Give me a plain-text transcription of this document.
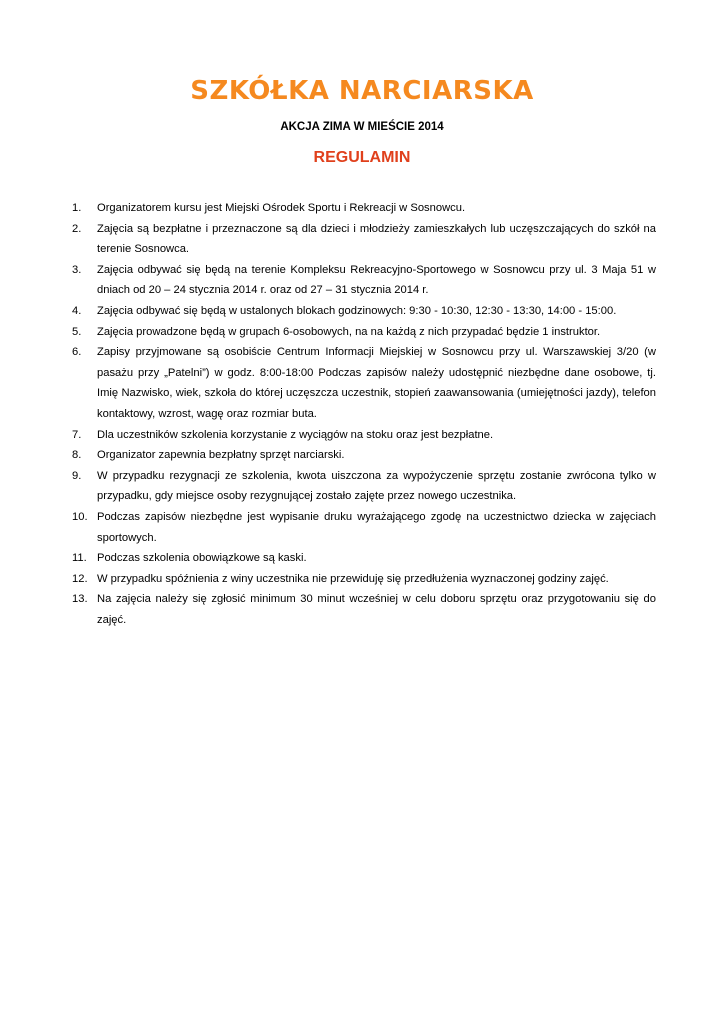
SZKÓŁKA NARCIARSKA
AKCJA ZIMA W MIEŚCIE 2014
REGULAMIN
1.	Organizatorem kursu jest Miejski Ośrodek Sportu i Rekreacji w Sosnowcu.
2.	Zajęcia są bezpłatne i przeznaczone są dla dzieci i młodzieży zamieszkałych lub uczęszczających do szkół na terenie Sosnowca.
3.	Zajęcia odbywać się będą na terenie Kompleksu Rekreacyjno-Sportowego w Sosnowcu przy ul. 3 Maja 51 w dniach od 20 – 24 stycznia 2014 r. oraz od 27 – 31 stycznia 2014 r.
4.	Zajęcia odbywać się będą w ustalonych blokach godzinowych: 9:30 - 10:30, 12:30 - 13:30, 14:00 - 15:00.
5.	Zajęcia prowadzone będą w grupach 6-osobowych, na na każdą z nich przypadać będzie 1 instruktor.
6.	Zapisy przyjmowane są osobiście Centrum Informacji Miejskiej w Sosnowcu przy ul. Warszawskiej 3/20 (w pasażu przy „Patelni”) w godz. 8:00-18:00 Podczas zapisów należy udostępnić niezbędne dane osobowe, tj. Imię Nazwisko, wiek, szkoła do której uczęszcza uczestnik, stopień zaawansowania (umiejętności jazdy), telefon kontaktowy, wzrost, wagę oraz rozmiar buta.
7.	Dla uczestników szkolenia korzystanie z wyciągów na stoku oraz jest bezpłatne.
8.	Organizator zapewnia bezpłatny sprzęt narciarski.
9.	W przypadku rezygnacji ze szkolenia, kwota uiszczona za wypożyczenie sprzętu zostanie zwrócona tylko w przypadku, gdy miejsce osoby rezygnującej zostało zajęte przez nowego uczestnika.
10. Podczas zapisów niezbędne jest wypisanie druku wyrażającego zgodę na uczestnictwo dziecka w zajęciach sportowych.
11. Podczas szkolenia obowiązkowe są kaski.
12. W przypadku spóźnienia z winy uczestnika nie przewiduję się przedłużenia wyznaczonej godziny zajęć.
13. Na zajęcia należy się zgłosić minimum 30 minut wcześniej w celu doboru sprzętu oraz przygotowaniu się do zajęć.
